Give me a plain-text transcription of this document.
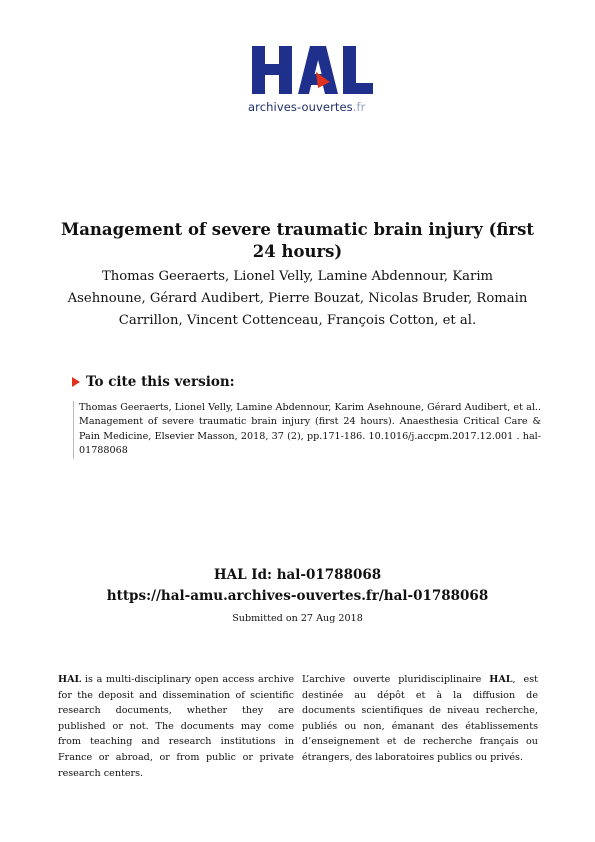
archives-ouvertes.fr
Management of severe traumatic brain injury (first 24 hours)
Thomas Geeraerts, Lionel Velly, Lamine Abdennour, Karim Asehnoune, Gérard Audibert, Pierre Bouzat, Nicolas Bruder, Romain Carrillon, Vincent Cottenceau, François Cotton, et al.
To cite this version:
Thomas Geeraerts, Lionel Velly, Lamine Abdennour, Karim Asehnoune, Gérard Audibert, et al.. Management of severe traumatic brain injury (first 24 hours). Anaesthesia Critical Care & Pain Medicine, Elsevier Masson, 2018, 37 (2), pp.171-186. 10.1016/j.accpm.2017.12.001 . hal-01788068
HAL Id: hal-01788068
https://hal-amu.archives-ouvertes.fr/hal-01788068
Submitted on 27 Aug 2018
HAL is a multi-disciplinary open access archive for the deposit and dissemination of scientific research documents, whether they are published or not. The documents may come from teaching and research institutions in France or abroad, or from public or private research centers.
L’archive ouverte pluridisciplinaire HAL, est destinée au dépôt et à la diffusion de documents scientifiques de niveau recherche, publiés ou non, émanant des établissements d’enseignement et de recherche français ou étrangers, des laboratoires publics ou privés.
